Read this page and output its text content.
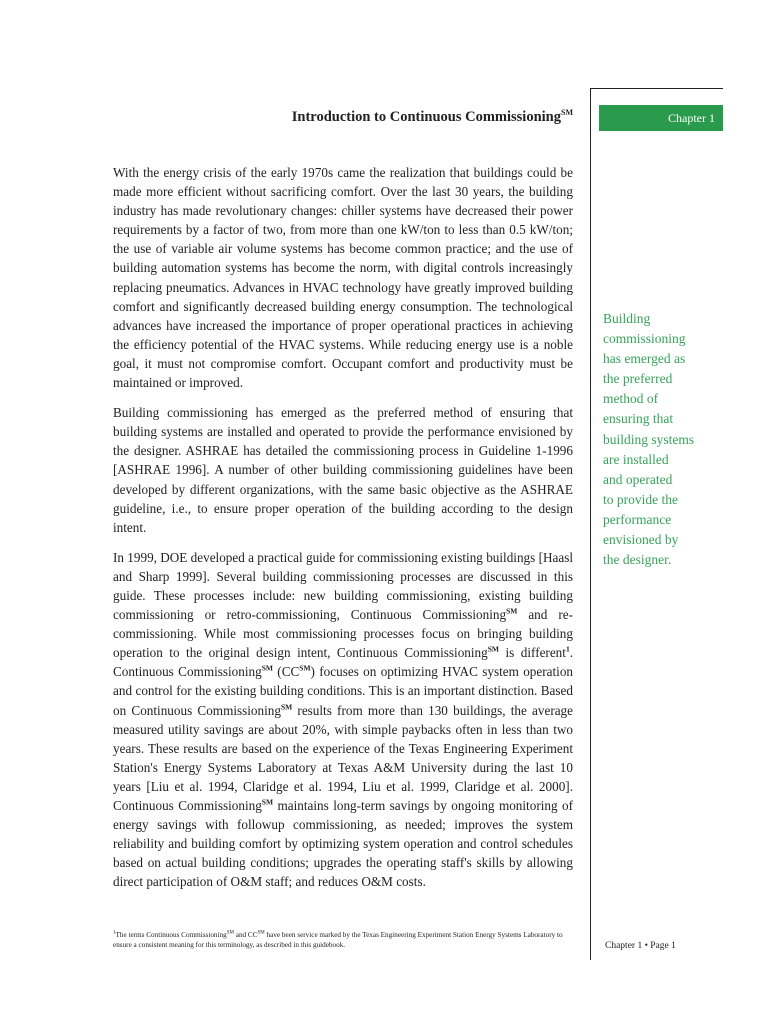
Introduction to Continuous Commissioning℠	Chapter 1

With the energy crisis of the early 1970s came the realization that buildings could be made more efficient without sacrificing comfort. Over the last 30 years, the building industry has made revolutionary changes: chiller systems have decreased their power requirements by a factor of two, from more than one kW/ton to less than 0.5 kW/ton; the use of variable air volume systems has become common practice; and the use of building automation systems has become the norm, with digital controls increasingly replacing pneumatics. Advances in HVAC technology have greatly improved building comfort and significantly decreased building energy consumption. The technological advances have increased the importance of proper operational practices in achieving the efficiency potential of the HVAC systems. While reducing energy use is a noble goal, it must not compromise comfort. Occupant comfort and productivity must be maintained or improved.

Building commissioning has emerged as the preferred method of ensuring that building systems are installed and operated to provide the performance envisioned by the designer. ASHRAE has detailed the commissioning process in Guideline 1-1996 [ASHRAE 1996]. A number of other building commissioning guidelines have been developed by different organizations, with the same basic objective as the ASHRAE guideline, i.e., to ensure proper operation of the building according to the design intent.

In 1999, DOE developed a practical guide for commissioning existing buildings [Haasl and Sharp 1999]. Several building commissioning processes are discussed in this guide. These processes include: new building commissioning, existing building commissioning or retro-commissioning, Continuous Commissioning℠ and re-commissioning. While most commissioning processes focus on bringing building operation to the original design intent, Continuous Commissioning℠ is different$^1$. Continuous Commissioning℠ (CC℠) focuses on optimizing HVAC system operation and control for the existing building conditions. This is an important distinction. Based on Continuous Commissioning℠ results from more than 130 buildings, the average measured utility savings are about 20%, with simple paybacks often in less than two years. These results are based on the experience of the Texas Engineering Experiment Station's Energy Systems Laboratory at Texas A&M University during the last 10 years [Liu et al. 1994, Claridge et al. 1994, Liu et al. 1999, Claridge et al. 2000]. Continuous Commissioning℠ maintains long-term savings by ongoing monitoring of energy savings with followup commissioning, as needed; improves the system reliability and building comfort by optimizing system operation and control schedules based on actual building conditions; upgrades the operating staff's skills by allowing direct participation of O&M staff; and reduces O&M costs.

Building
commissioning
has emerged as
the preferred
method of
ensuring that
building systems
are installed
and operated
to provide the
performance
envisioned by
the designer.
$^1$The terms Continuous Commissioning℠ and CC℠ have been service marked by the Texas Engineering Experiment Station Energy Systems Laboratory to ensure a consistent meaning for this terminology, as described in this guidebook.	Chapter 1 • Page 1
